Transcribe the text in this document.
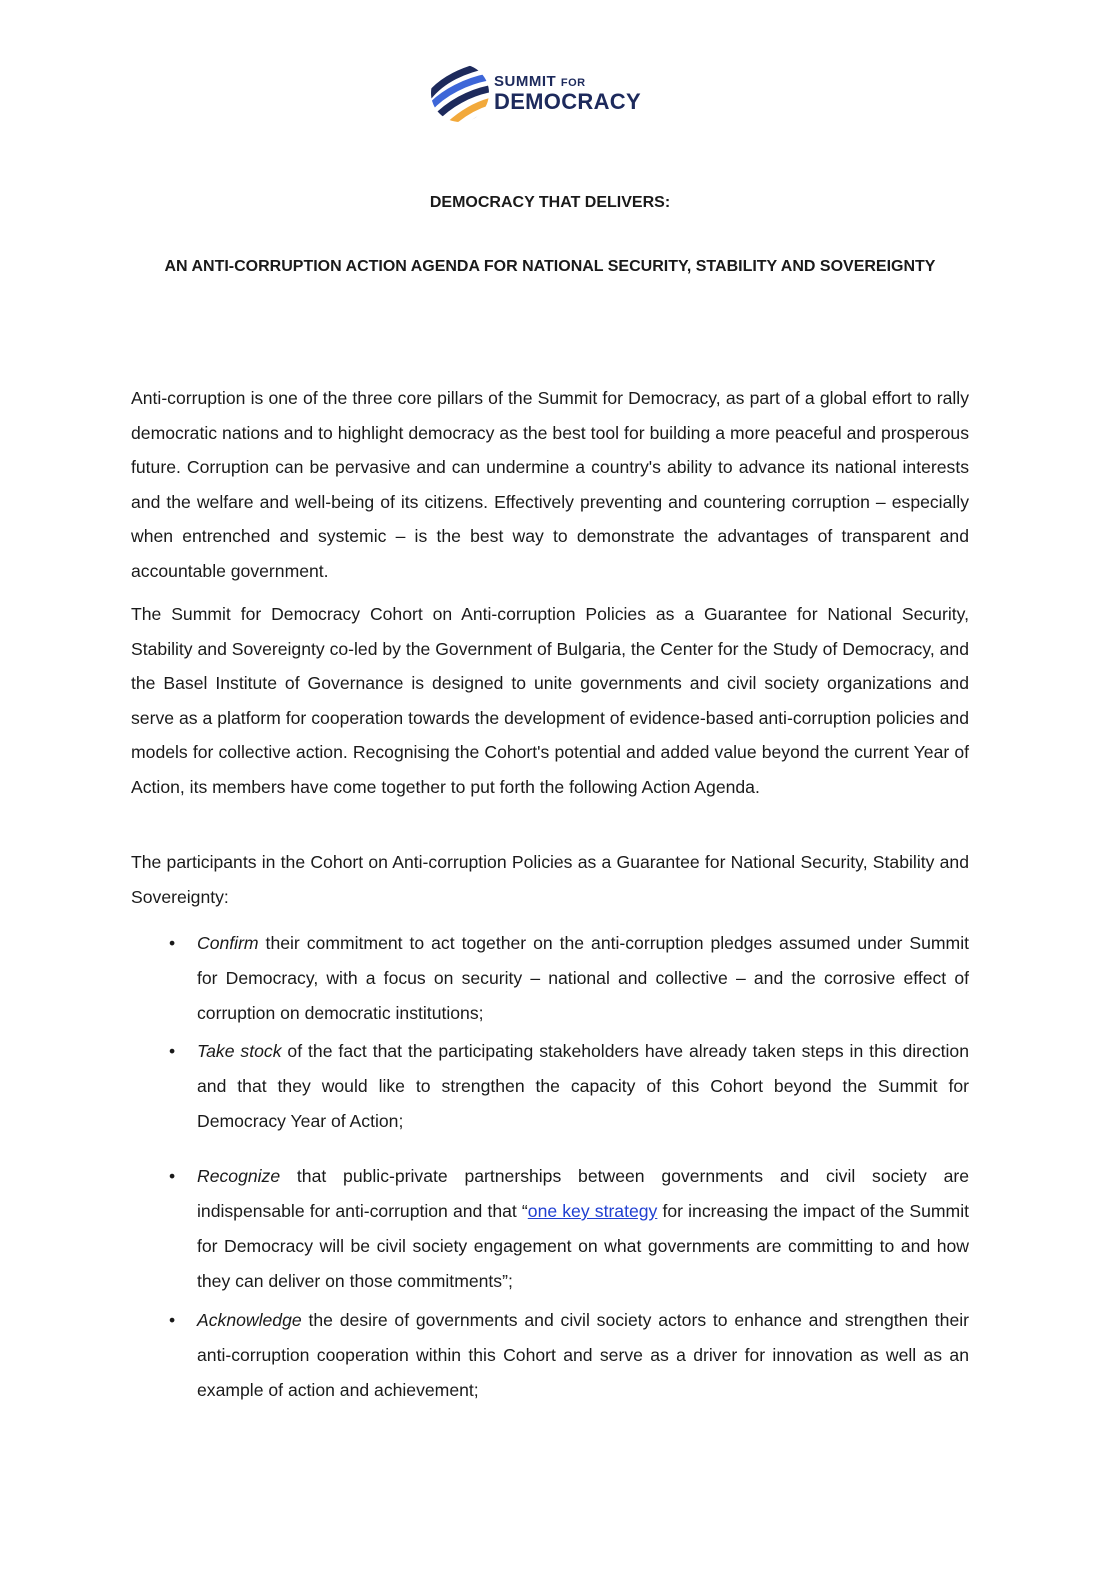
SUMMIT FOR
DEMOCRACY
DEMOCRACY THAT DELIVERS:
AN ANTI-CORRUPTION ACTION AGENDA FOR NATIONAL SECURITY, STABILITY AND SOVEREIGNTY

Anti-corruption is one of the three core pillars of the Summit for Democracy, as part of a global effort to rally democratic nations and to highlight democracy as the best tool for building a more peaceful and prosperous future. Corruption can be pervasive and can undermine a country's ability to advance its national interests and the welfare and well-being of its citizens. Effectively preventing and countering corruption – especially when entrenched and systemic – is the best way to demonstrate the advantages of transparent and accountable government.

The Summit for Democracy Cohort on Anti-corruption Policies as a Guarantee for National Security, Stability and Sovereignty co-led by the Government of Bulgaria, the Center for the Study of Democracy, and the Basel Institute of Governance is designed to unite governments and civil society organizations and serve as a platform for cooperation towards the development of evidence-based anti-corruption policies and models for collective action. Recognising the Cohort's potential and added value beyond the current Year of Action, its members have come together to put forth the following Action Agenda.

The participants in the Cohort on Anti-corruption Policies as a Guarantee for National Security, Stability and Sovereignty:

• Confirm their commitment to act together on the anti-corruption pledges assumed under Summit for Democracy, with a focus on security – national and collective – and the corrosive effect of corruption on democratic institutions;
• Take stock of the fact that the participating stakeholders have already taken steps in this direction and that they would like to strengthen the capacity of this Cohort beyond the Summit for Democracy Year of Action;
• Recognize that public-private partnerships between governments and civil society are indispensable for anti-corruption and that “one key strategy for increasing the impact of the Summit for Democracy will be civil society engagement on what governments are committing to and how they can deliver on those commitments”;
• Acknowledge the desire of governments and civil society actors to enhance and strengthen their anti-corruption cooperation within this Cohort and serve as a driver for innovation as well as an example of action and achievement;
